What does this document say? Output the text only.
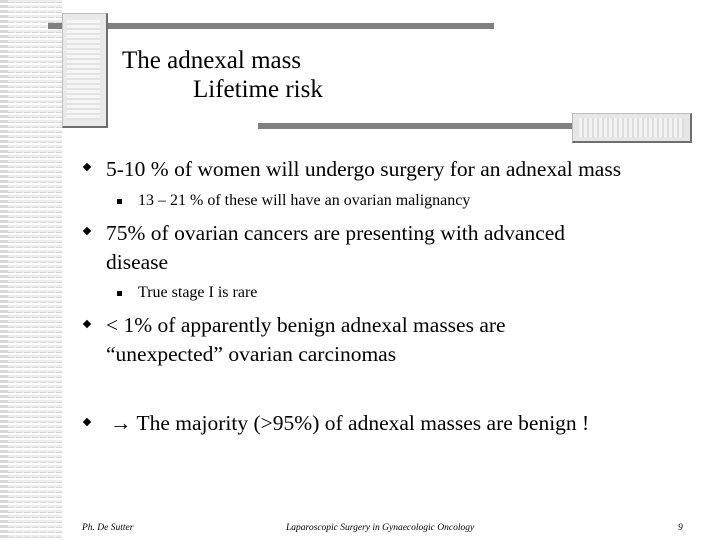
The adnexal mass
Lifetime risk
5-10 % of women will undergo surgery for an adnexal mass
13 – 21 % of these will have an ovarian malignancy
75% of ovarian cancers are presenting with advanced
disease
True stage I is rare
< 1% of apparently benign adnexal masses are
“unexpected” ovarian carcinomas
→ The majority (>95%) of adnexal masses are benign !
Ph. De Sutter	Laparoscopic Surgery in Gynaecologic Oncology	9
